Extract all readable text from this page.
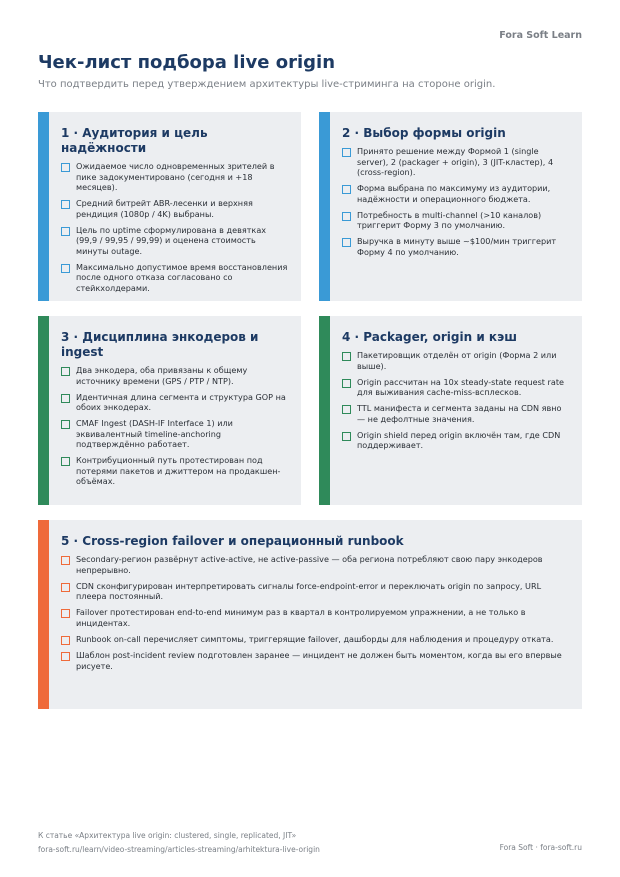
Fora Soft Learn
Чек-лист подбора live origin

Что подтвердить перед утверждением архитектуры live-стриминга на стороне origin.

1 · Аудитория и цель надёжности
Ожидаемое число одновременных зрителей в пике задокументировано (сегодня и +18 месяцев).
Средний битрейт ABR-лесенки и верхняя рендиция (1080p / 4K) выбраны.
Цель по uptime сформулирована в девятках (99,9 / 99,95 / 99,99) и оценена стоимость минуты outage.
Максимально допустимое время восстановления после одного отказа согласовано со стейкхолдерами.
2 · Выбор формы origin
Принято решение между Формой 1 (single server), 2 (packager + origin), 3 (JIT-кластер), 4 (cross-region).
Форма выбрана по максимуму из аудитории, надёжности и операционного бюджета.
Потребность в multi-channel (>10 каналов) триггерит Форму 3 по умолчанию.
Выручка в минуту выше ~$100/мин триггерит Форму 4 по умолчанию.
3 · Дисциплина энкодеров и ingest
Два энкодера, оба привязаны к общему источнику времени (GPS / PTP / NTP).
Идентичная длина сегмента и структура GOP на обоих энкодерах.
CMAF Ingest (DASH-IF Interface 1) или эквивалентный timeline-anchoring подтверждённо работает.
Контрибуционный путь протестирован под потерями пакетов и джиттером на продакшен-объёмах.
4 · Packager, origin и кэш
Пакетировщик отделён от origin (Форма 2 или выше).
Origin рассчитан на 10x steady-state request rate для выживания cache-miss-всплесков.
TTL манифеста и сегмента заданы на CDN явно — не дефолтные значения.
Origin shield перед origin включён там, где CDN поддерживает.
5 · Cross-region failover и операционный runbook
Secondary-регион развёрнут active-active, не active-passive — оба региона потребляют свою пару энкодеров непрерывно.
CDN сконфигурирован интерпретировать сигналы force-endpoint-error и переключать origin по запросу, URL плеера постоянный.
Failover протестирован end-to-end минимум раз в квартал в контролируемом упражнении, а не только в инцидентах.
Runbook on-call перечисляет симптомы, триггерящие failover, дашборды для наблюдения и процедуру отката.
Шаблон post-incident review подготовлен заранее — инцидент не должен быть моментом, когда вы его впервые рисуете.
К статье «Архитектура live origin: clustered, single, replicated, JIT»
fora-soft.ru/learn/video-streaming/articles-streaming/arhitektura-live-origin	Fora Soft · fora-soft.ru
